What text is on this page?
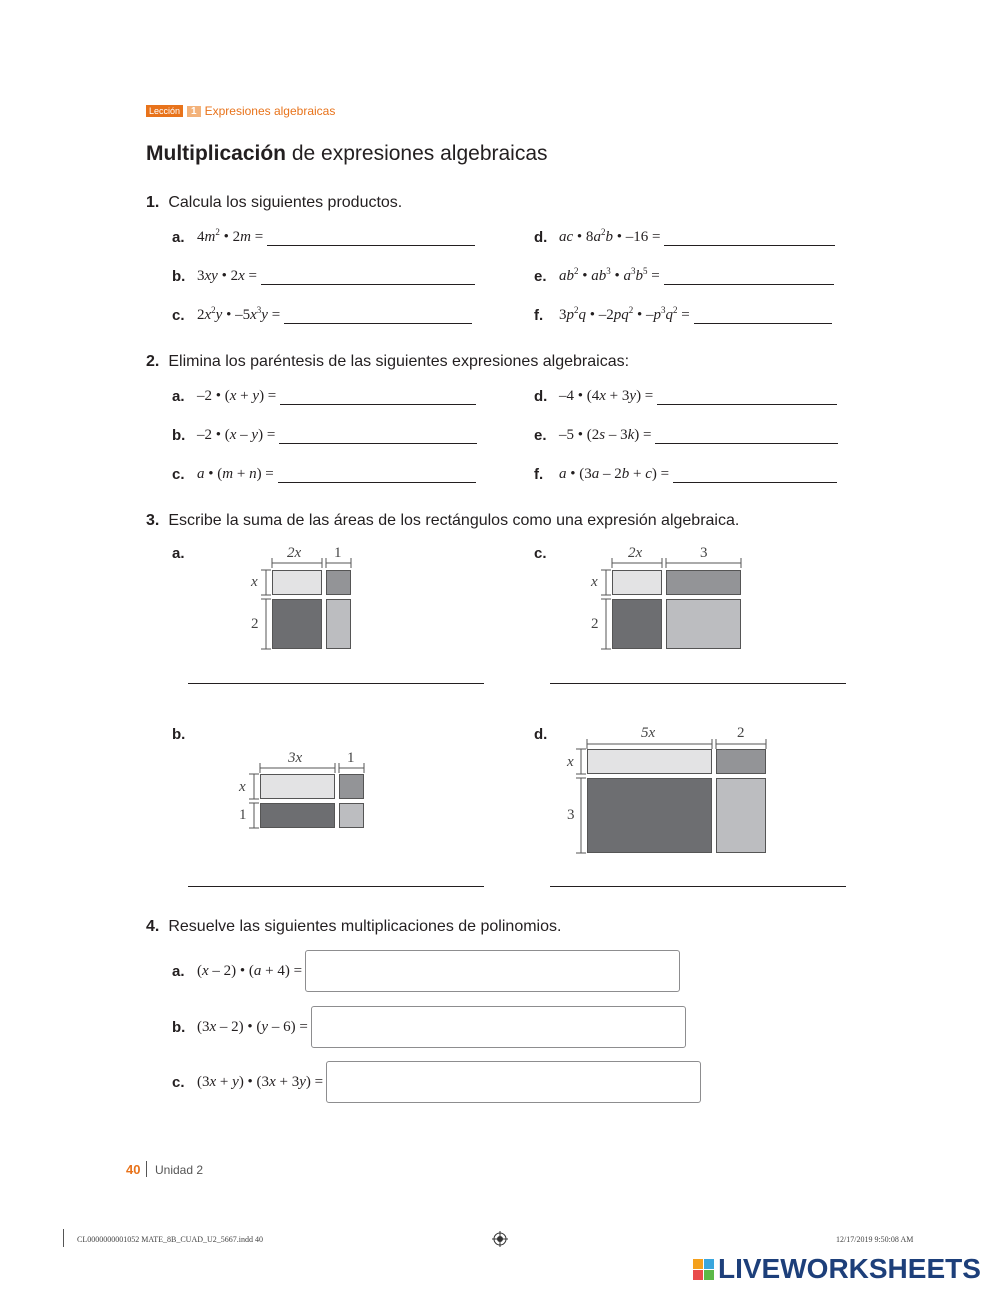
Lección	1 Expresiones algebraicas
Multiplicación de expresiones algebraicas
1. Calcula los siguientes productos.
a. $4m^2$ • 2m =
b. 3xy • 2x =
c. $2x^2y$ • $-5x^3y$ =
d. ac • $8a^2b$ • –16 =
e. $ab^2$ • $ab^3$ • $a^3b^5$ =
f.	$3p^2q$ • $-2pq^2$ • $-p^3q^2$ =
2. Elimina los paréntesis de las siguientes expresiones algebraicas:
a. –2 • (x + y) =
b. –2 • (x – y) =
c. a • (m + n) =
d. –4 • (4x + 3y) =
e. –5 • (2s – 3k) =
f.	a • (3a – 2b + c) =
3. Escribe la suma de las áreas de los rectángulos como una expresión algebraica.
a.	c.
b.	d.
2x 1
x
2
2x	3
x
2
3x	1
x
1
5x	2
x
3
4. Resuelve las siguientes multiplicaciones de polinomios.
a. (x – 2) • (a + 4) =
b. (3x – 2) • (y – 6) =
c. (3x + y) • (3x + 3y) =
40 Unidad 2
CL0000000001052 MATE_8B_CUAD_U2_5667.indd 40	12/17/2019 9:50:08 AM
LIVEWORKSHEETS
